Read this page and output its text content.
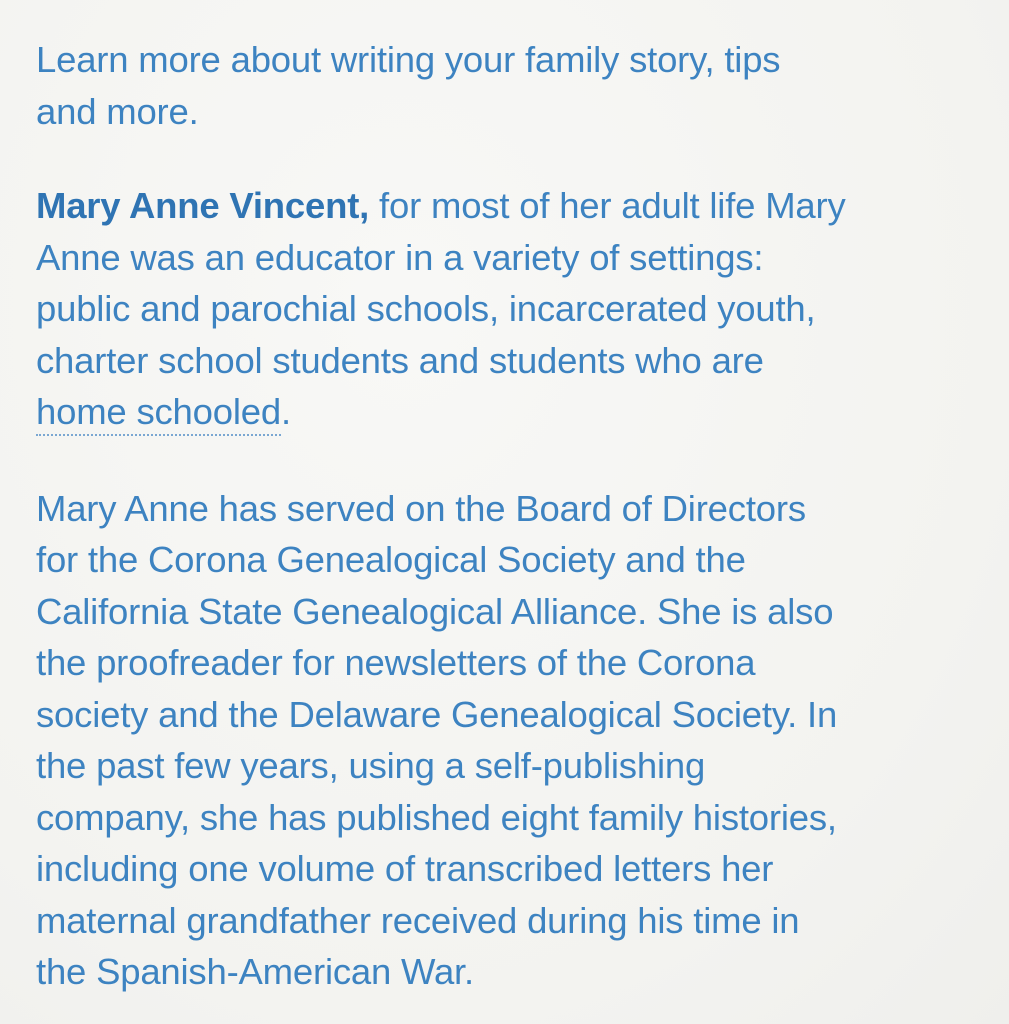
Learn more about writing your family story, tips
and more.

Mary Anne Vincent, for most of her adult life Mary
Anne was an educator in a variety of settings:
public and parochial schools, incarcerated youth,
charter school students and students who are
home schooled.

Mary Anne has served on the Board of Directors
for the Corona Genealogical Society and the
California State Genealogical Alliance. She is also
the proofreader for newsletters of the Corona
society and the Delaware Genealogical Society. In
the past few years, using a self-publishing
company, she has published eight family histories,
including one volume of transcribed letters her
maternal grandfather received during his time in
the Spanish-American War.
